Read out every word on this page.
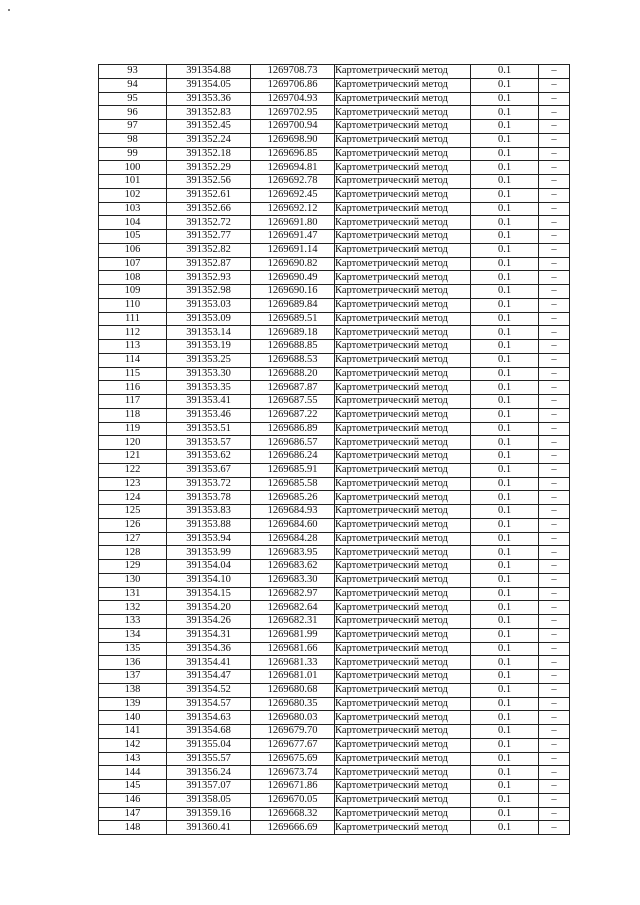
93	391354.88	1269708.73	Картометрический метод	0.1	–
94	391354.05	1269706.86	Картометрический метод	0.1	–
95	391353.36	1269704.93	Картометрический метод	0.1	–
96	391352.83	1269702.95	Картометрический метод	0.1	–
97	391352.45	1269700.94	Картометрический метод	0.1	–
98	391352.24	1269698.90	Картометрический метод	0.1	–
99	391352.18	1269696.85	Картометрический метод	0.1	–
100	391352.29	1269694.81	Картометрический метод	0.1	–
101	391352.56	1269692.78	Картометрический метод	0.1	–
102	391352.61	1269692.45	Картометрический метод	0.1	–
103	391352.66	1269692.12	Картометрический метод	0.1	–
104	391352.72	1269691.80	Картометрический метод	0.1	–
105	391352.77	1269691.47	Картометрический метод	0.1	–
106	391352.82	1269691.14	Картометрический метод	0.1	–
107	391352.87	1269690.82	Картометрический метод	0.1	–
108	391352.93	1269690.49	Картометрический метод	0.1	–
109	391352.98	1269690.16	Картометрический метод	0.1	–
110	391353.03	1269689.84	Картометрический метод	0.1	–
111	391353.09	1269689.51	Картометрический метод	0.1	–
112	391353.14	1269689.18	Картометрический метод	0.1	–
113	391353.19	1269688.85	Картометрический метод	0.1	–
114	391353.25	1269688.53	Картометрический метод	0.1	–
115	391353.30	1269688.20	Картометрический метод	0.1	–
116	391353.35	1269687.87	Картометрический метод	0.1	–
117	391353.41	1269687.55	Картометрический метод	0.1	–
118	391353.46	1269687.22	Картометрический метод	0.1	–
119	391353.51	1269686.89	Картометрический метод	0.1	–
120	391353.57	1269686.57	Картометрический метод	0.1	–
121	391353.62	1269686.24	Картометрический метод	0.1	–
122	391353.67	1269685.91	Картометрический метод	0.1	–
123	391353.72	1269685.58	Картометрический метод	0.1	–
124	391353.78	1269685.26	Картометрический метод	0.1	–
125	391353.83	1269684.93	Картометрический метод	0.1	–
126	391353.88	1269684.60	Картометрический метод	0.1	–
127	391353.94	1269684.28	Картометрический метод	0.1	–
128	391353.99	1269683.95	Картометрический метод	0.1	–
129	391354.04	1269683.62	Картометрический метод	0.1	–
130	391354.10	1269683.30	Картометрический метод	0.1	–
131	391354.15	1269682.97	Картометрический метод	0.1	–
132	391354.20	1269682.64	Картометрический метод	0.1	–
133	391354.26	1269682.31	Картометрический метод	0.1	–
134	391354.31	1269681.99	Картометрический метод	0.1	–
135	391354.36	1269681.66	Картометрический метод	0.1	–
136	391354.41	1269681.33	Картометрический метод	0.1	–
137	391354.47	1269681.01	Картометрический метод	0.1	–
138	391354.52	1269680.68	Картометрический метод	0.1	–
139	391354.57	1269680.35	Картометрический метод	0.1	–
140	391354.63	1269680.03	Картометрический метод	0.1	–
141	391354.68	1269679.70	Картометрический метод	0.1	–
142	391355.04	1269677.67	Картометрический метод	0.1	–
143	391355.57	1269675.69	Картометрический метод	0.1	–
144	391356.24	1269673.74	Картометрический метод	0.1	–
145	391357.07	1269671.86	Картометрический метод	0.1	–
146	391358.05	1269670.05	Картометрический метод	0.1	–
147	391359.16	1269668.32	Картометрический метод	0.1	–
148	391360.41	1269666.69	Картометрический метод	0.1	–
